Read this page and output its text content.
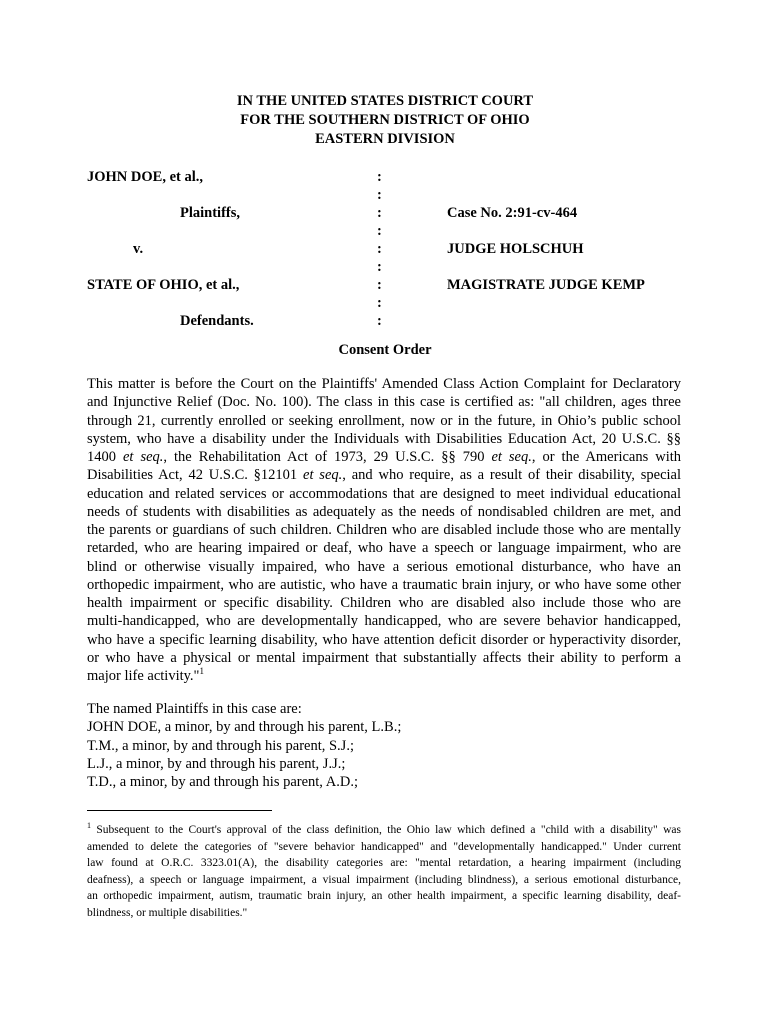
IN THE UNITED STATES DISTRICT COURT
FOR THE SOUTHERN DISTRICT OF OHIO
EASTERN DIVISION
JOHN DOE, et al.,
Plaintiffs,
v.
STATE OF OHIO, et al.,
Defendants.
:
:
:
:
:
:
:
:
:
Case No. 2:91-cv-464
JUDGE HOLSCHUH
MAGISTRATE JUDGE KEMP
Consent Order
This matter is before the Court on the Plaintiffs' Amended Class Action Complaint for Declaratory
and Injunctive Relief (Doc. No. 100). The class in this case is certified as: "all children, ages three
through 21, currently enrolled or seeking enrollment, now or in the future, in Ohio’s public school
system, who have a disability under the Individuals with Disabilities Education Act, 20 U.S.C. §§
1400 et seq., the Rehabilitation Act of 1973, 29 U.S.C. §§ 790 et seq., or the Americans with
Disabilities Act, 42 U.S.C. §12101 et seq., and who require, as a result of their disability, special
education and related services or accommodations that are designed to meet individual educational
needs of students with disabilities as adequately as the needs of nondisabled children are met, and
the parents or guardians of such children. Children who are disabled include those who are mentally
retarded, who are hearing impaired or deaf, who have a speech or language impairment, who are
blind or otherwise visually impaired, who have a serious emotional disturbance, who have an
orthopedic impairment, who are autistic, who have a traumatic brain injury, or who have some other
health impairment or specific disability. Children who are disabled also include those who are
multi-handicapped, who are developmentally handicapped, who are severe behavior handicapped,
who have a specific learning disability, who have attention deficit disorder or hyperactivity disorder,
or who have a physical or mental impairment that substantially affects their ability to perform a
major life activity."$^1$
The named Plaintiffs in this case are:
JOHN DOE, a minor, by and through his parent, L.B.;
T.M., a minor, by and through his parent, S.J.;
L.J., a minor, by and through his parent, J.J.;
T.D., a minor, by and through his parent, A.D.;
$^1$ Subsequent to the Court's approval of the class definition, the Ohio law which defined a "child with a disability" was
amended to delete the categories of "severe behavior handicapped" and "developmentally handicapped." Under current
law found at O.R.C. 3323.01(A), the disability categories are: "mental retardation, a hearing impairment (including
deafness), a speech or language impairment, a visual impairment (including blindness), a serious emotional disturbance,
an orthopedic impairment, autism, traumatic brain injury, an other health impairment, a specific learning disability, deaf-
blindness, or multiple disabilities."
